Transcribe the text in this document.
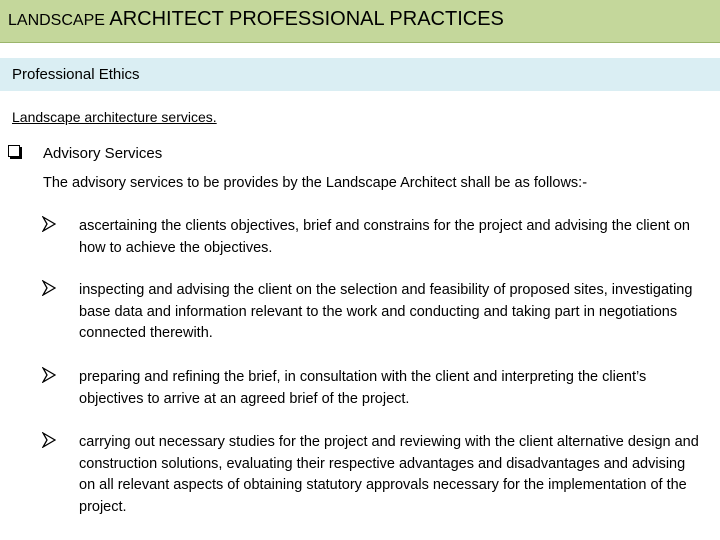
LANDSCAPE ARCHITECT PROFESSIONAL PRACTICES
Professional Ethics
Landscape architecture services.
Advisory Services
The advisory services to be provides by the Landscape Architect shall be as follows:-
ascertaining the clients objectives, brief and constrains for the project and advising the client on how to achieve the objectives.
inspecting and advising the client on the selection and feasibility of proposed sites, investigating base data and information relevant to the work and conducting and taking part in negotiations connected therewith.
preparing and refining the brief, in consultation with the client and interpreting the client’s objectives to arrive at an agreed brief of the project.
carrying out necessary studies for the project and reviewing with the client alternative design and construction solutions, evaluating their respective advantages and disadvantages and advising on all relevant aspects of obtaining statutory approvals necessary for the implementation of the project.
